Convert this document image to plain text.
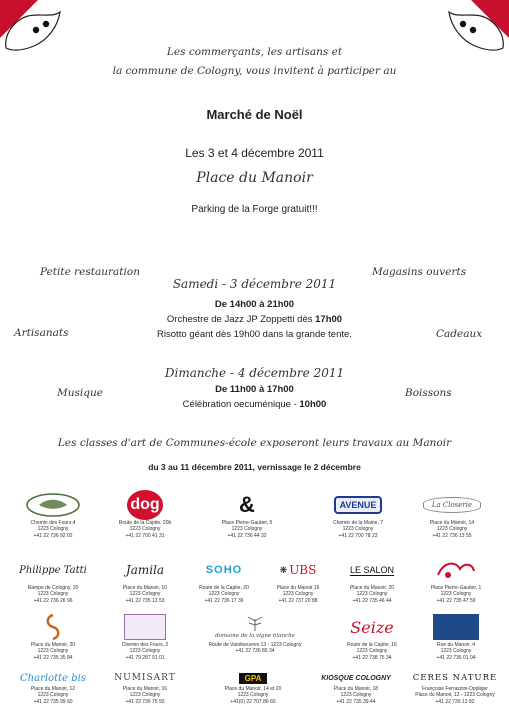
Les commerçants, les artisans et
la commune de Cologny, vous invitent à participer au
Marché de Noël
Les 3 et 4 décembre 2011
Place du Manoir
Parking de la Forge gratuit!!!
Petite restauration	Magasins ouverts
Artisanats	Cadeaux
Musique	Boissons
Samedi - 3 décembre 2011
De 14h00 à 21h00
Orchestre de Jazz JP Zoppetti dès 17h00
Risotto géant dès 19h00 dans la grande tente.
Dimanche - 4 décembre 2011
De 11h00 à 17h00
Célébration oecuménique - 10h00
Les classes d'art de Communes-école exposeront leurs travaux au Manoir
du 3 au 11 décembre 2011, vernissage le 2 décembre
Chemin des Fours,4
1223 Cologny
+41 22 736 92 02
dog
Route de la Capite, 20b
1223 Cologny
+41 22 700 41 31
&
Place Pierre-Gautier, 5
1223 Cologny
+41 22 736 44 32
AVENUE
Chemin de la Mairie, 7
1223 Cologny
+41 22 700 78 23
La Closerie
Place du Manoir, 14
1223 Cologny
+41 22 736 13 55
Philippe Tatti
Rampe de Cologny, 20
1223 Cologny
+41 22 736 26 96
Jamila
Place du Manoir, 10
1223 Cologny
+41 22 735 13 53
SOHO
Route de la Capite, 20
1223 Cologny
+41 22 736 17 36
❋ UBS
Place du Manoir,16
1223 Cologny
+41 22 737 20 88
LE SALON
Place du Manoir, 20
1223 Cologny
+41 22 735 46 44
Place Pierre-Gautier, 1
1223 Cologny
+41 22 735 47 59
Place du Manoir, 20
1223 Cologny
+41 22 735 35 84
Chemin des Fours, 2
1223 Cologny
+41 79 287 91 01
domaine de la vigne blanche
Route de Vandoeuvres 13 - 1223 Cologny
+41 22 736 80 34
Seize
Route de la Capite, 16
1223 Cologny
+41 22 738 75 34
Rue du Manoir, 4
1223 Cologny
+41 22 736 01 04
Charlotte bis
Place du Manoir, 12
1223 Cologny
+41 22 735 99 60
NUMISART
Place du Manoir, 16
1223 Cologny
+41 22 736 75 93
GPA
Place du Manoir, 14 et 20
1223 Cologny
+41(0) 22 707 86 60
KIOSQUE COLOGNY
Place du Manoir, 18
1223 Cologny
+41 22 735 39 44
CERES NATURE
Françoise Ferrazzini-Oppliger
Place du Manoir, 12 - 1223 Cologny
+41 22 736 13 82
